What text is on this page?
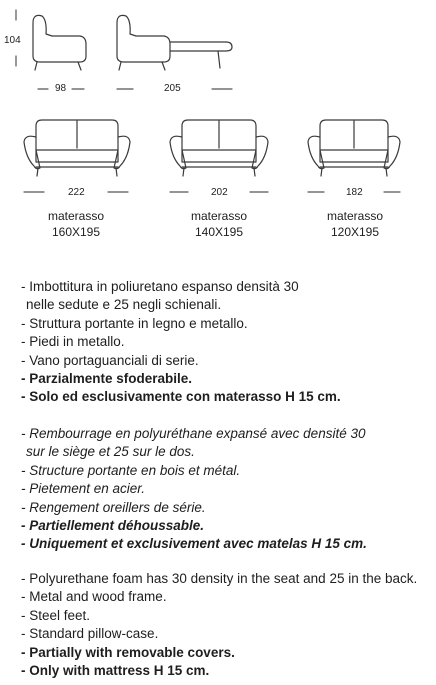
104
98	205
222	202	182
materasso
160X195
materasso
140X195
materasso
120X195
- Imbottitura in poliuretano espanso densità 30
nelle sedute e 25 negli schienali.
- Struttura portante in legno e metallo.
- Piedi in metallo.
- Vano portaguanciali di serie.
- Parzialmente sfoderabile.
- Solo ed esclusivamente con materasso H 15 cm.
- Rembourrage en polyuréthane expansé avec densité 30
sur le siège et 25 sur le dos.
- Structure portante en bois et métal.
- Pietement en acier.
- Rengement oreillers de série.
- Partiellement déhoussable.
- Uniquement et exclusivement avec matelas H 15 cm.
- Polyurethane foam has 30 density in the seat and 25 in the back.
- Metal and wood frame.
- Steel feet.
- Standard pillow-case.
- Partially with removable covers.
- Only with mattress H 15 cm.
